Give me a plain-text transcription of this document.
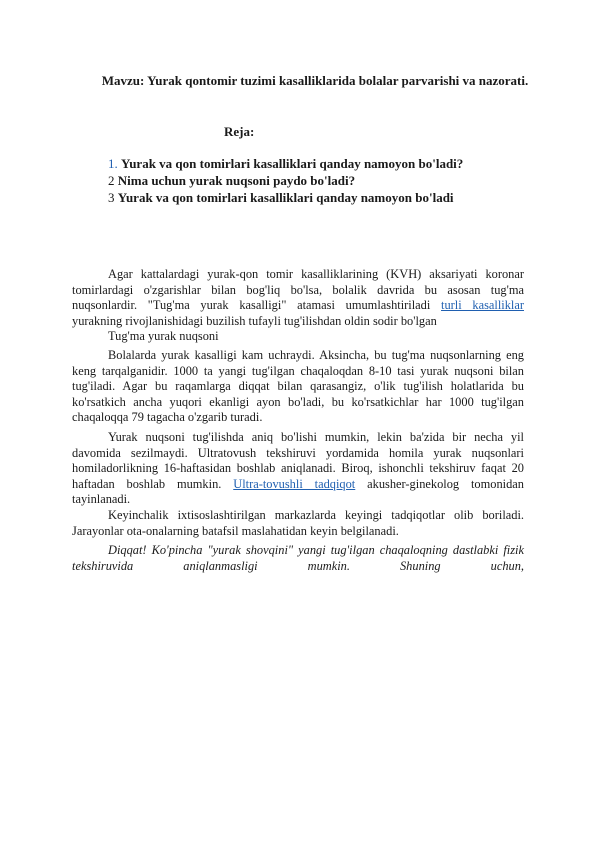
Mavzu: Yurak qontomir tuzimi kasalliklarida bolalar parvarishi va nazorati.
Reja:
1. Yurak va qon tomirlari kasalliklari qanday namoyon bo'ladi?
2 Nima uchun yurak nuqsoni paydo bo'ladi?
3 Yurak va qon tomirlari kasalliklari qanday namoyon bo'ladi

Agar kattalardagi yurak-qon tomir kasalliklarining (KVH) aksariyati koronar tomirlardagi o'zgarishlar bilan bog'liq bo'lsa, bolalik davrida bu asosan tug'ma nuqsonlardir. "Tug'ma yurak kasalligi" atamasi umumlashtiriladi turli kasalliklar yurakning rivojlanishidagi buzilish tufayli tug'ilishdan oldin sodir bo'lgan

Tug'ma yurak nuqsoni

Bolalarda yurak kasalligi kam uchraydi. Aksincha, bu tug'ma nuqsonlarning eng keng tarqalganidir. 1000 ta yangi tug'ilgan chaqaloqdan 8-10 tasi yurak nuqsoni bilan tug'iladi. Agar bu raqamlarga diqqat bilan qarasangiz, o'lik tug'ilish holatlarida bu ko'rsatkich ancha yuqori ekanligi ayon bo'ladi, bu ko'rsatkichlar har 1000 tug'ilgan chaqaloqqa 79 tagacha o'zgarib turadi.

Yurak nuqsoni tug'ilishda aniq bo'lishi mumkin, lekin ba'zida bir necha yil davomida sezilmaydi. Ultratovush tekshiruvi yordamida homila yurak nuqsonlari homiladorlikning 16-haftasidan boshlab aniqlanadi. Biroq, ishonchli tekshiruv faqat 20 haftadan boshlab mumkin. Ultra-tovushli tadqiqot akusher-ginekolog tomonidan tayinlanadi.

Keyinchalik ixtisoslashtirilgan markazlarda keyingi tadqiqotlar olib boriladi. Jarayonlar ota-onalarning batafsil maslahatidan keyin belgilanadi.

Diqqat! Ko'pincha "yurak shovqini" yangi tug'ilgan chaqaloqning dastlabki fizik tekshiruvida aniqlanmasligi mumkin. Shuning uchun,
